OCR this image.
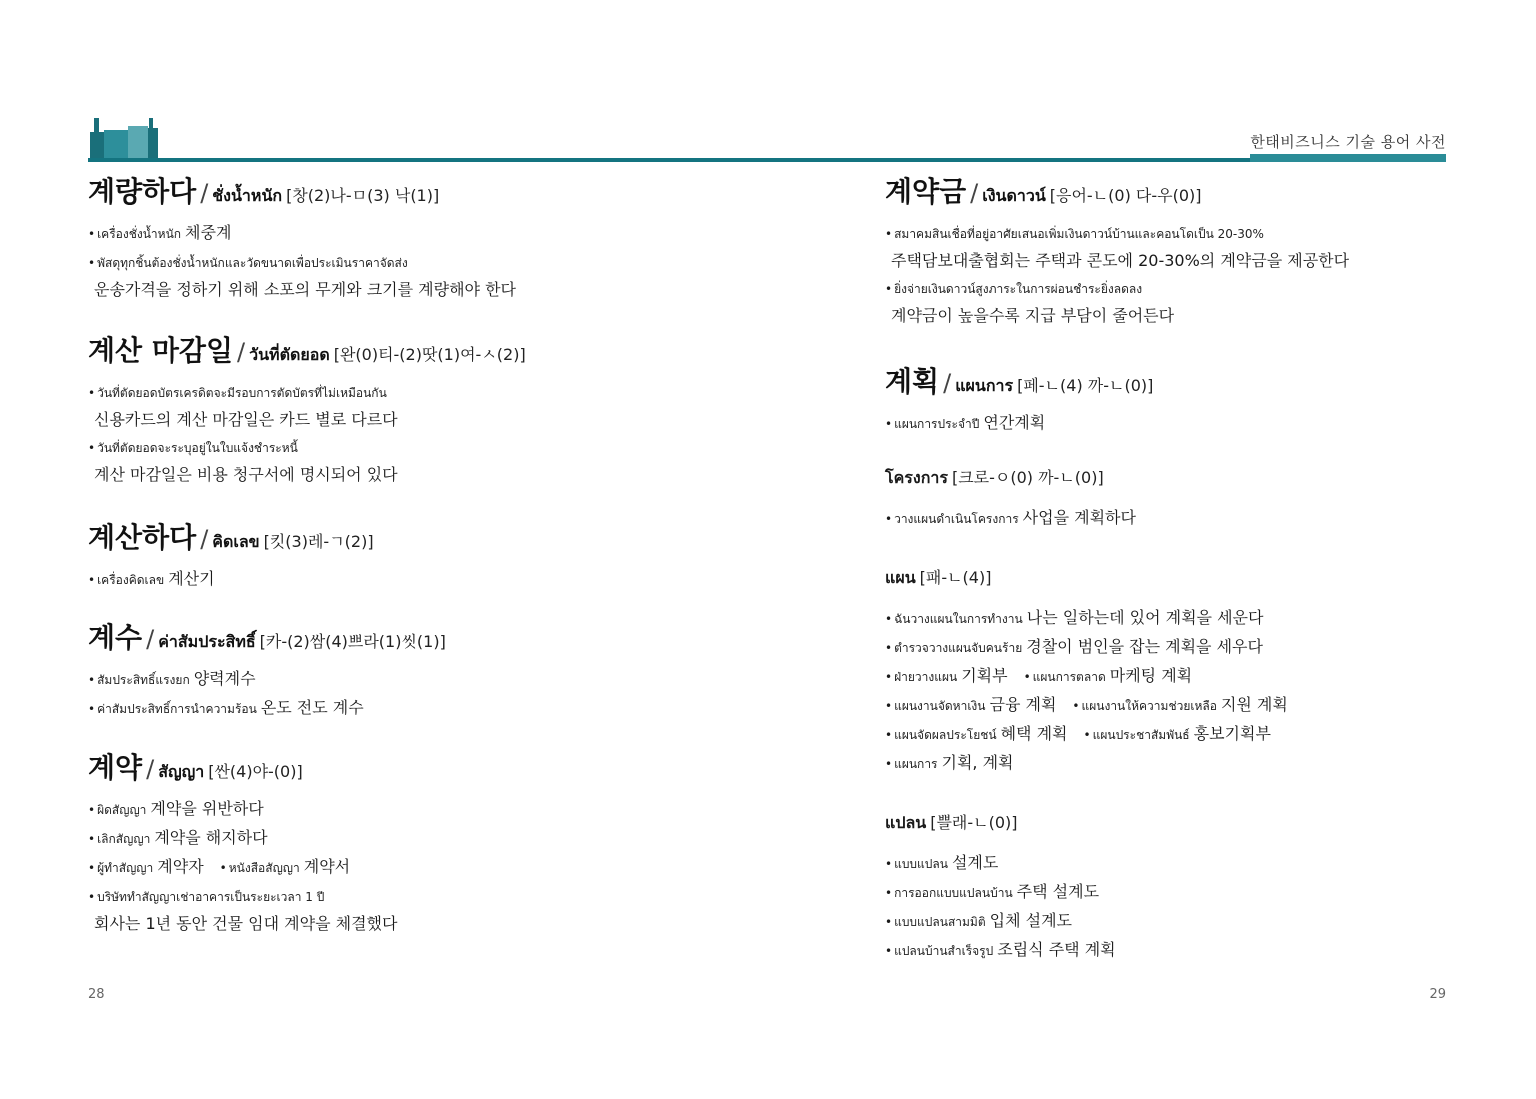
한태비즈니스 기술 용어 사전
계량하다 / ชั่งน้ำหนัก [창(2)나-ㅁ(3) 낙(1)]
• เครื่องชั่งน้ำหนัก 체중계
• พัสดุทุกชิ้นต้องชั่งน้ำหนักและวัดขนาดเพื่อประเมินราคาจัดส่ง
운송가격을 정하기 위해 소포의 무게와 크기를 계량해야 한다
계산 마감일 / วันที่ตัดยอด [완(0)티-(2)땃(1)여-ㅅ(2)]
• วันที่ตัดยอดบัตรเครดิตจะมีรอบการตัดบัตรที่ไม่เหมือนกัน
신용카드의 계산 마감일은 카드 별로 다르다
• วันที่ตัดยอดจะระบุอยู่ในใบแจ้งชำระหนี้
계산 마감일은 비용 청구서에 명시되어 있다
계산하다 / คิดเลข [킷(3)레-ㄱ(2)]
• เครื่องคิดเลข 계산기
계수 / ค่าสัมประสิทธิ์ [카-(2)쌈(4)쁘라(1)씻(1)]
• สัมประสิทธิ์แรงยก 양력계수
• ค่าสัมประสิทธิ์การนำความร้อน 온도 전도 계수
계약 / สัญญา [싼(4)야-(0)]
• ผิดสัญญา 계약을 위반하다
• เลิกสัญญา 계약을 해지하다
• ผู้ทำสัญญา 계약자 • หนังสือสัญญา 계약서
• บริษัททำสัญญาเช่าอาคารเป็นระยะเวลา 1 ปี
회사는 1년 동안 건물 임대 계약을 체결했다
계약금 / เงินดาวน์ [응어-ㄴ(0) 다-우(0)]
• สมาคมสินเชื่อที่อยู่อาศัยเสนอเพิ่มเงินดาวน์บ้านและคอนโดเป็น 20-30%
주택담보대출협회는 주택과 콘도에 20-30%의 계약금을 제공한다
• ยิ่งจ่ายเงินดาวน์สูงภาระในการผ่อนชำระยิ่งลดลง
계약금이 높을수록 지급 부담이 줄어든다
계획 / แผนการ [페-ㄴ(4) 까-ㄴ(0)]
• แผนการประจำปี 연간계획
โครงการ [크로-ㅇ(0) 까-ㄴ(0)]
• วางแผนดำเนินโครงการ 사업을 계획하다
แผน [패-ㄴ(4)]
• ฉันวางแผนในการทำงาน 나는 일하는데 있어 계획을 세운다
• ตำรวจวางแผนจับคนร้าย 경찰이 범인을 잡는 계획을 세우다
• ฝ่ายวางแผน 기획부 • แผนการตลาด 마케팅 계획
• แผนงานจัดหาเงิน 금융 계획 • แผนงานให้ความช่วยเหลือ 지원 계획
• แผนจัดผลประโยชน์ 혜택 계획 • แผนประชาสัมพันธ์ 홍보기획부
• แผนการ 기획, 계획
แปลน [쁠래-ㄴ(0)]
• แบบแปลน 설계도
• การออกแบบแปลนบ้าน 주택 설계도
• แบบแปลนสามมิติ 입체 설계도
• แปลนบ้านสำเร็จรูป 조립식 주택 계획
28	29
